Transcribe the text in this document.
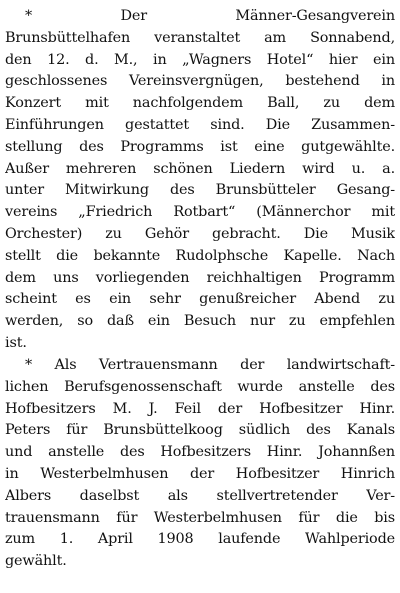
* Der Männer-Gesangverein
Brunsbüttelhafen veranstaltet am Sonnabend,
den 12. d. M., in „Wagners Hotel“ hier ein
geschlossenes Vereinsvergnügen, bestehend in
Konzert mit nachfolgendem Ball, zu dem
Einführungen gestattet sind. Die Zusammen-
stellung des Programms ist eine gutgewählte.
Außer mehreren schönen Liedern wird u. a.
unter Mitwirkung des Brunsbütteler Gesang-
vereins „Friedrich Rotbart“ (Männerchor mit
Orchester) zu Gehör gebracht. Die Musik
stellt die bekannte Rudolphsche Kapelle. Nach
dem uns vorliegenden reichhaltigen Programm
scheint es ein sehr genußreicher Abend zu
werden, so daß ein Besuch nur zu empfehlen
ist.
* Als Vertrauensmann der landwirtschaft-
lichen Berufsgenossenschaft wurde anstelle des
Hofbesitzers M. J. Feil der Hofbesitzer Hinr.
Peters für Brunsbüttelkoog südlich des Kanals
und anstelle des Hofbesitzers Hinr. Johannßen
in Westerbelmhusen der Hofbesitzer Hinrich
Albers daselbst als stellvertretender Ver-
trauensmann für Westerbelmhusen für die bis
zum 1. April 1908 laufende Wahlperiode
gewählt.
